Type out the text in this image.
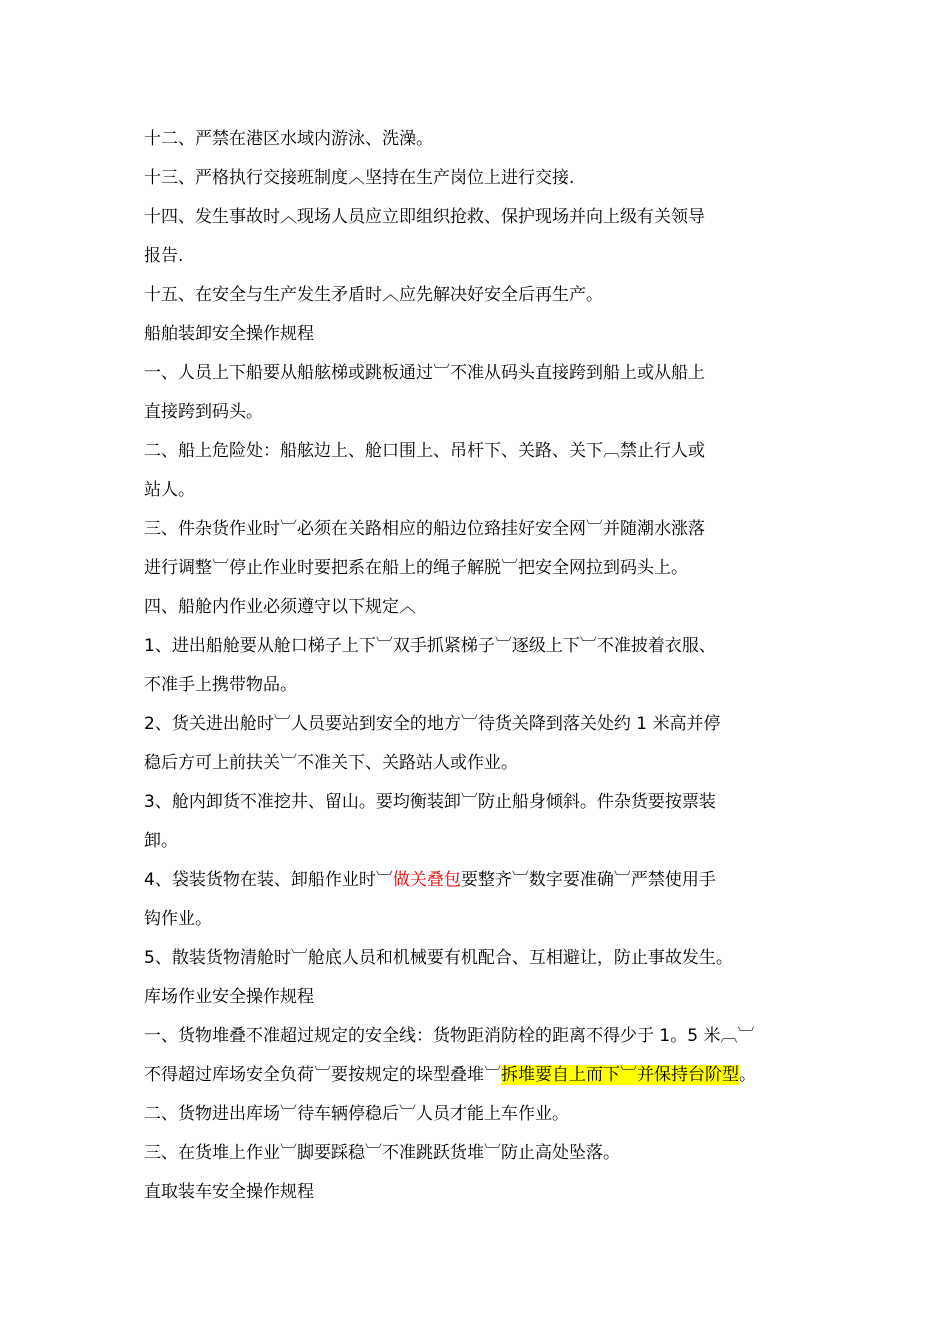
十二、严禁在港区水域内游泳、洗澡。
十三、严格执行交接班制度︿坚持在生产岗位上进行交接.
十四、发生事故时︿现场人员应立即组织抢救、保护现场并向上级有关领导
报告.
十五、在安全与生产发生矛盾时︿应先解决好安全后再生产。
船舶装卸安全操作规程
一、人员上下船要从船舷梯或跳板通过︺不准从码头直接跨到船上或从船上
直接跨到码头。
二、船上危险处：船舷边上、舱口围上、吊杆下、关路、关下︹禁止行人或
站人。
三、件杂货作业时︺必须在关路相应的船边位臵挂好安全网︺并随潮水涨落
进行调整︺停止作业时要把系在船上的绳子解脱︺把安全网拉到码头上。
四、船舱内作业必须遵守以下规定︿
1、进出船舱要从舱口梯子上下︺双手抓紧梯子︺逐级上下︺不准披着衣服、
不准手上携带物品。
2、货关进出舱时︺人员要站到安全的地方︺待货关降到落关处约 1 米高并停
稳后方可上前扶关︺不准关下、关路站人或作业。
3、舱内卸货不准挖井、留山。要均衡装卸︺防止船身倾斜。件杂货要按票装
卸。
4、袋装货物在装、卸船作业时︺做关叠包要整齐︺数字要准确︺严禁使用手
钩作业。
5、散装货物清舱时︺舱底人员和机械要有机配合、互相避让，防止事故发生。
库场作业安全操作规程
一、货物堆叠不准超过规定的安全线：货物距消防栓的距离不得少于 1。5 米︹︺
不得超过库场安全负荷︺要按规定的垛型叠堆︺拆堆要自上而下︺并保持台阶型。
二、货物进出库场︺待车辆停稳后︺人员才能上车作业。
三、在货堆上作业︺脚要踩稳︺不准跳跃货堆︺防止高处坠落。
直取装车安全操作规程
